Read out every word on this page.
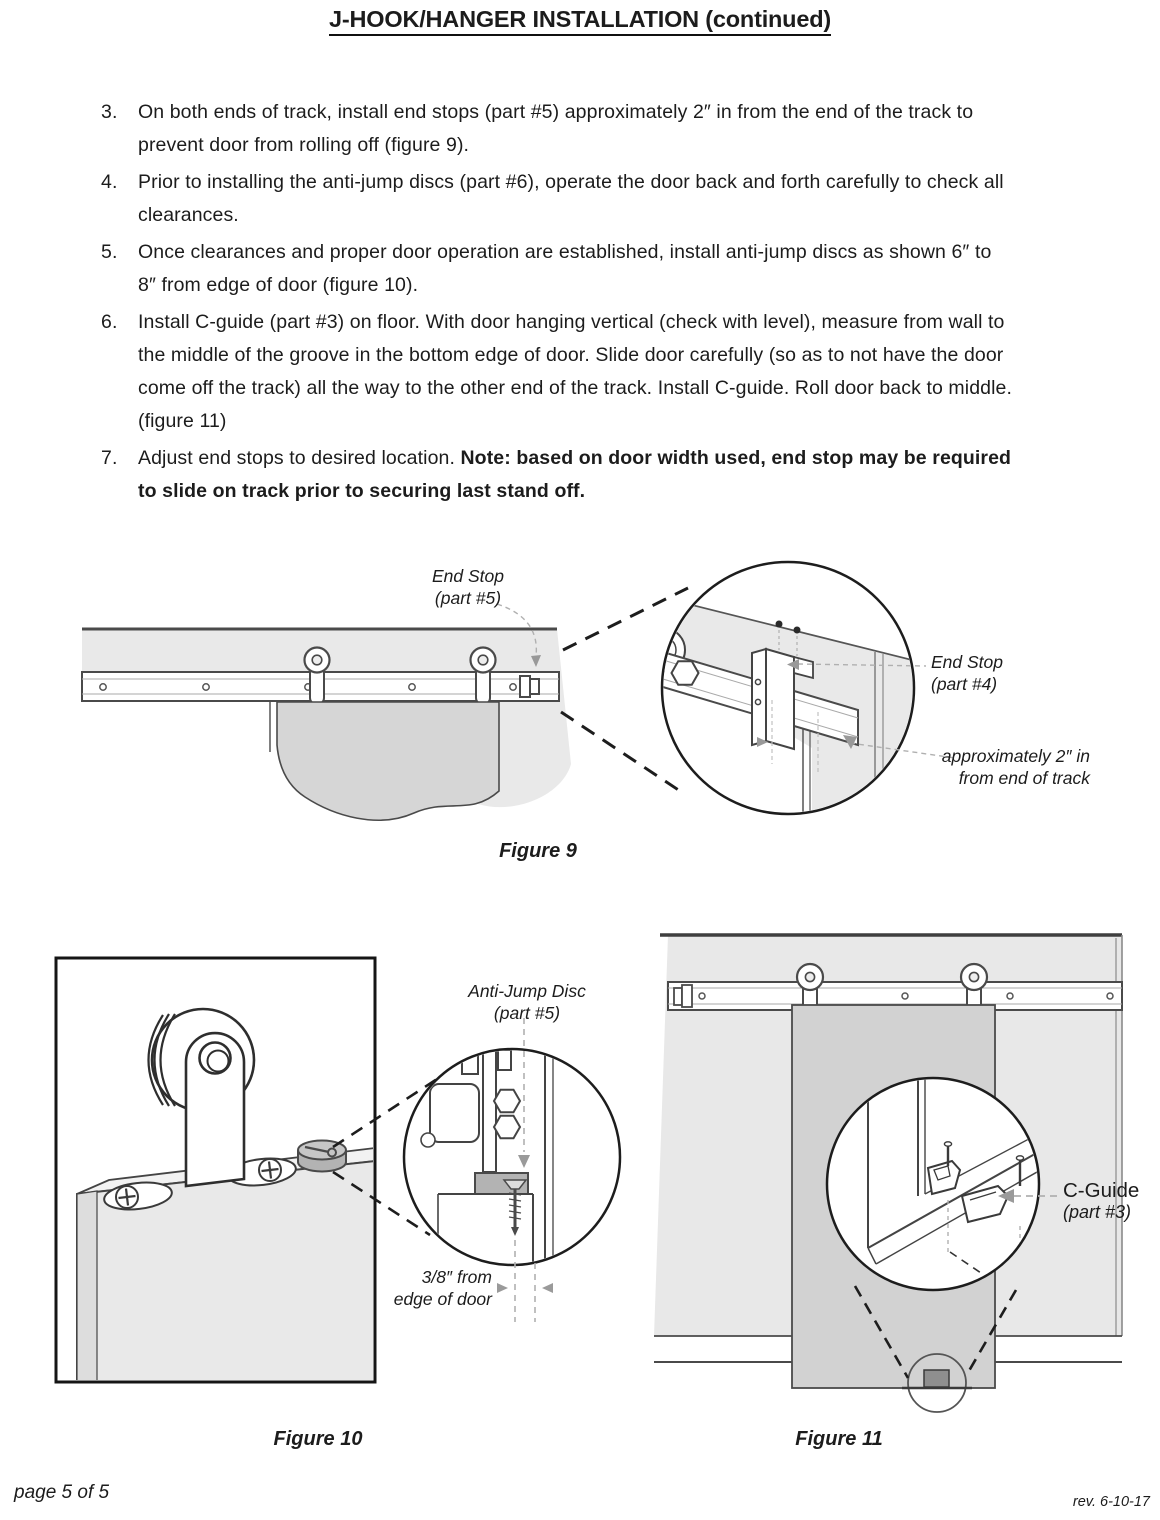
J-HOOK/HANGER INSTALLATION (continued)
3. On both ends of track, install end stops (part #5) approximately 2″ in from the end of the track to prevent door from rolling off (figure 9).
4. Prior to installing the anti-jump discs (part #6), operate the door back and forth carefully to check all clearances.
5. Once clearances and proper door operation are established, install anti-jump discs as shown 6″ to 8″ from edge of door (figure 10).
6. Install C-guide (part #3) on floor. With door hanging vertical (check with level), measure from wall to the middle of the groove in the bottom edge of door. Slide door carefully (so as to not have the door come off the track) all the way to the other end of the track. Install C-guide. Roll door back to middle. (figure 11)
7. Adjust end stops to desired location. Note: based on door width used, end stop may be required to slide on track prior to securing last stand off.
End Stop
(part #5)
End Stop
(part #4)
approximately 2″ in
from end of track
Figure 9
Anti-Jump Disc
(part #5)
3/8″ from
edge of door
Figure 10
C-Guide
(part #3)
Figure 11
page 5 of 5	rev. 6-10-17
